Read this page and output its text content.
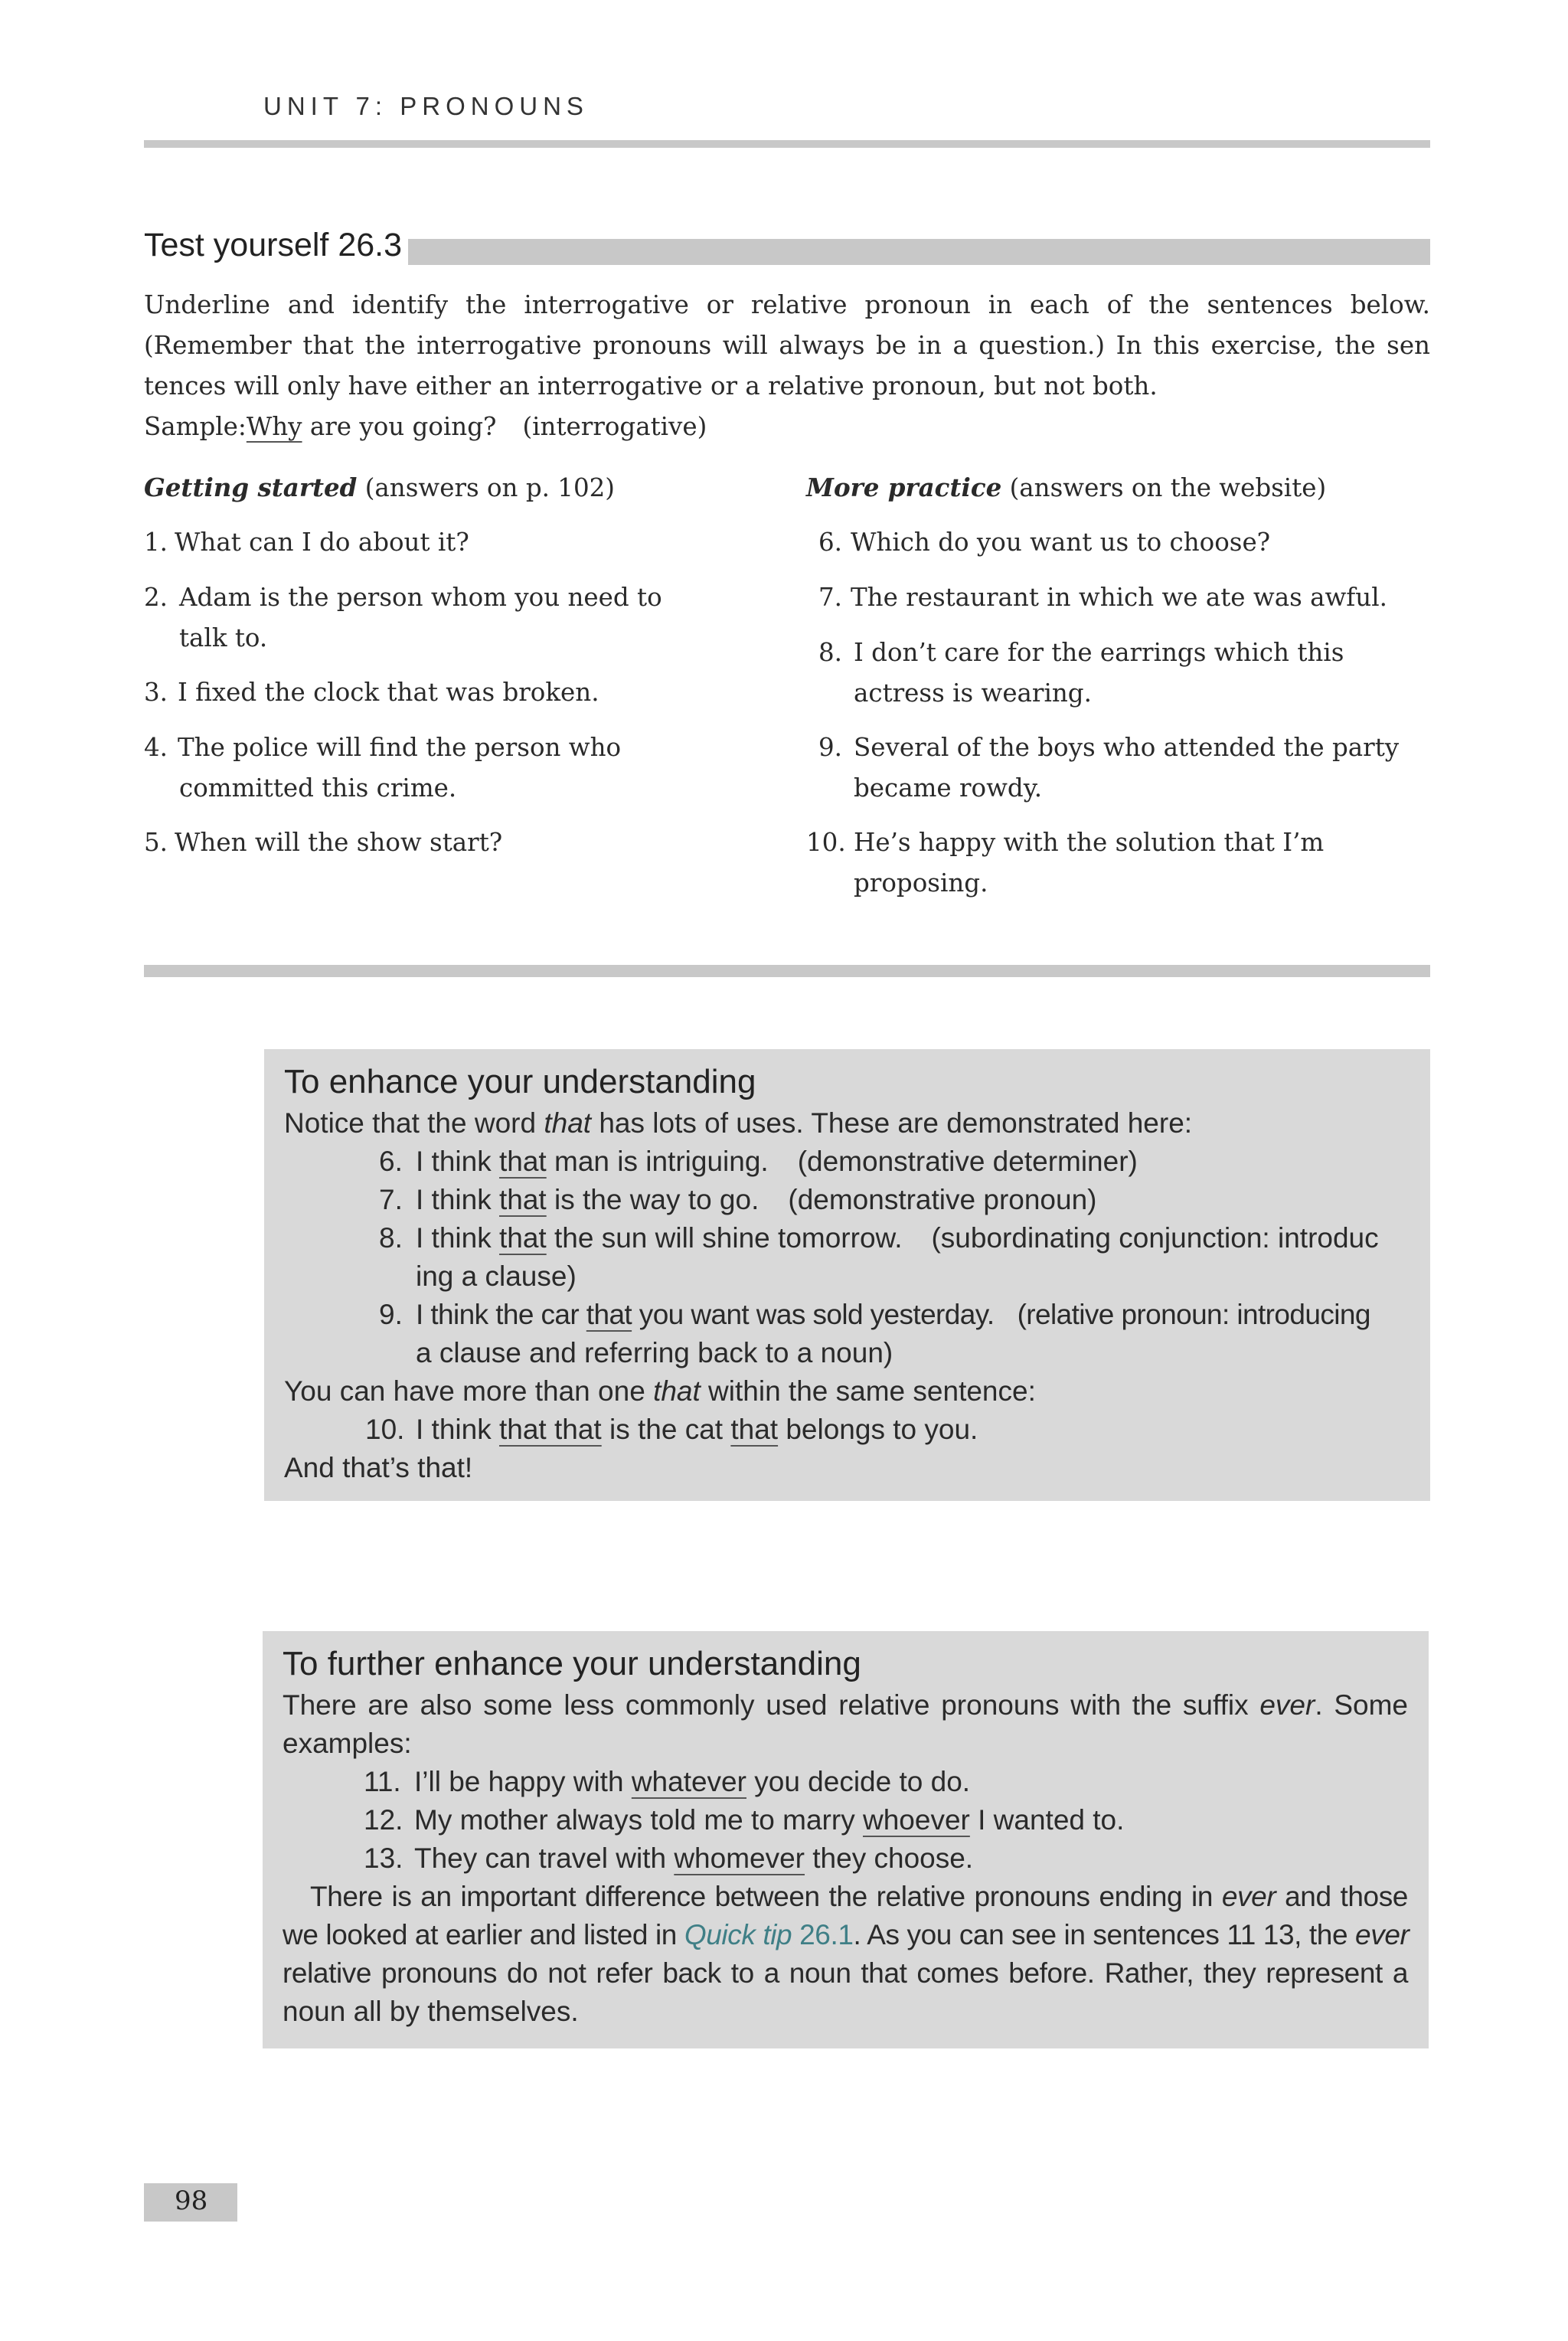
UNIT 7: PRONOUNS
Test yourself 26.3

Underline and identify the interrogative or relative pronoun in each of the sentences below.

(Remember that the interrogative pronouns will always be in a question.) In this exercise, the sen

tences will only have either an interrogative or a relative pronoun, but not both.

Sample:Why are you going? (interrogative)

Getting started (answers on p. 102)
1. What can I do about it?
2. Adam is the person whom you need to
talk to.
3. I fixed the clock that was broken.
4. The police will find the person who
committed this crime.
5. When will the show start?
More practice (answers on the website)
6. Which do you want us to choose?
7. The restaurant in which we ate was awful.
8. I don’t care for the earrings which this
actress is wearing.
9. Several of the boys who attended the party
became rowdy.
10. He’s happy with the solution that I’m
proposing.
To enhance your understanding
Notice that the word that has lots of uses. These are demonstrated here:
6. I think that man is intriguing. (demonstrative determiner)
7. I think that is the way to go. (demonstrative pronoun)
8. I think that the sun will shine tomorrow. (subordinating conjunction: introduc
ing a clause)
9. I think the car that you want was sold yesterday. (relative pronoun: introducing
a clause and referring back to a noun)
You can have more than one that within the same sentence:
10. I think that that is the cat that belongs to you.
And that’s that!
To further enhance your understanding
There are also some less commonly used relative pronouns with the suffix ever. Some
examples:
11. I’ll be happy with whatever you decide to do.
12. My mother always told me to marry whoever I wanted to.
13. They can travel with whomever they choose.
There is an important difference between the relative pronouns ending in ever and those
we looked at earlier and listed in Quick tip 26.1. As you can see in sentences 11 13, the ever
relative pronouns do not refer back to a noun that comes before. Rather, they represent a
noun all by themselves.
98
